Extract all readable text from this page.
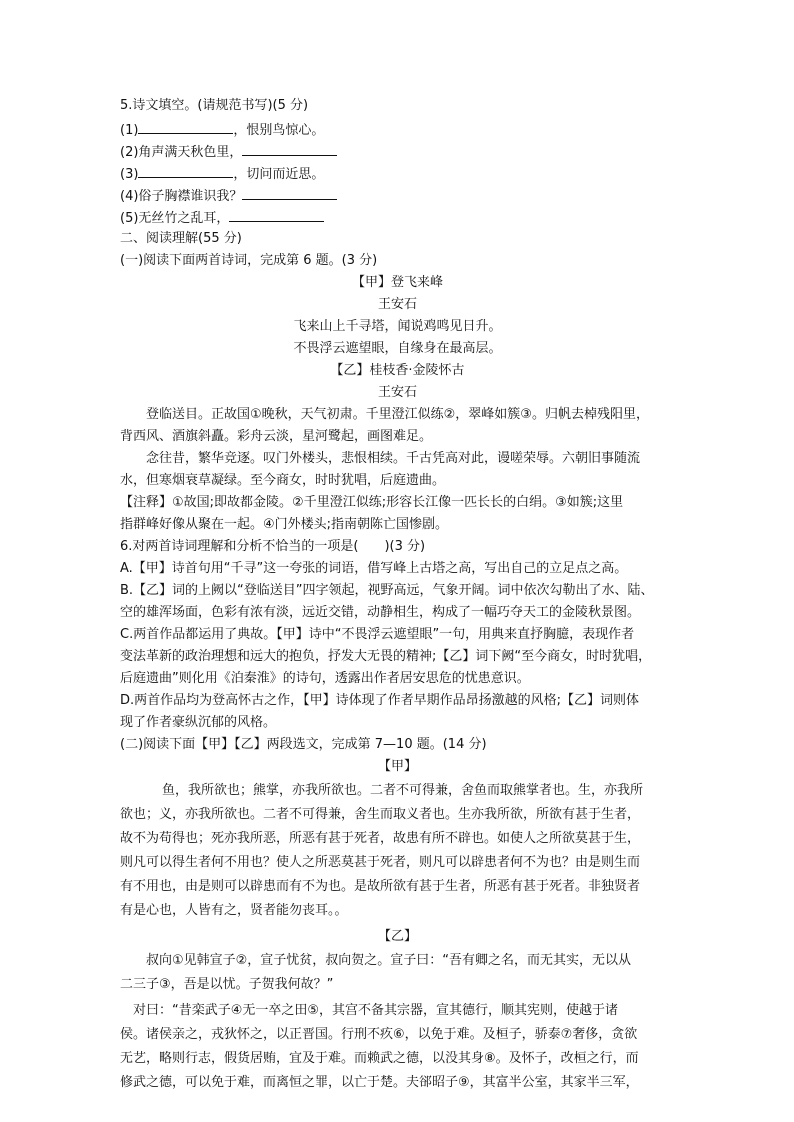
5.诗文填空。(请规范书写)(5 分)
(1)	，恨别鸟惊心。
(2)角声满天秋色里，
(3)	，切问而近思。
(4)俗子胸襟谁识我？
(5)无丝竹之乱耳，
二、阅读理解(55 分)
(一)阅读下面两首诗词，完成第 6 题。(3 分)
【甲】登飞来峰
王安石
飞来山上千寻塔，闻说鸡鸣见日升。
不畏浮云遮望眼，自缘身在最高层。
【乙】桂枝香·金陵怀古
王安石
登临送目。正故国①晚秋，天气初肃。千里澄江似练②，翠峰如簇③。归帆去棹残阳里，
背西风、酒旗斜矗。彩舟云淡，星河鹭起，画图难足。
念往昔，繁华竞逐。叹门外楼头，悲恨相续。千古凭高对此，谩嗟荣辱。六朝旧事随流
水，但寒烟衰草凝绿。至今商女，时时犹唱，后庭遗曲。
【注释】①故国;即故都金陵。②千里澄江似练;形容长江像一匹长长的白绢。③如簇;这里
指群峰好像从聚在一起。④门外楼头;指南朝陈亡国惨剧。
6.对两首诗词理解和分析不恰当的一项是(　　)(3 分)
A.【甲】诗首句用“千寻”这一夸张的词语，借写峰上古塔之高，写出自己的立足点之高。
B.【乙】词的上阙以“登临送目”四字领起，视野高远，气象开阔。词中依次勾勒出了水、陆、
空的雄浑场面，色彩有浓有淡，远近交错，动静相生，构成了一幅巧夺天工的金陵秋景图。
C.两首作品都运用了典故。【甲】诗中“不畏浮云遮望眼”一句，用典来直抒胸臆，表现作者
变法革新的政治理想和远大的抱负，抒发大无畏的精神;【乙】词下阙“至今商女，时时犹唱，
后庭遗曲”则化用《泊秦淮》的诗句，透露出作者居安思危的忧患意识。
D.两首作品均为登高怀古之作，【甲】诗体现了作者早期作品昂扬激越的风格;【乙】词则体
现了作者豪纵沉郁的风格。
(二)阅读下面【甲】【乙】两段选文，完成第 7—10 题。(14 分)
【甲】
鱼，我所欲也；熊掌，亦我所欲也。二者不可得兼，舍鱼而取熊掌者也。生，亦我所
欲也；义，亦我所欲也。二者不可得兼，舍生而取义者也。生亦我所欲，所欲有甚于生者，
故不为苟得也；死亦我所恶，所恶有甚于死者，故患有所不辟也。如使人之所欲莫甚于生，
则凡可以得生者何不用也？使人之所恶莫甚于死者，则凡可以辟患者何不为也？由是则生而
有不用也，由是则可以辟患而有不为也。是故所欲有甚于生者，所恶有甚于死者。非独贤者
有是心也，人皆有之，贤者能勿丧耳。。
【乙】
叔向①见韩宣子②，宣子忧贫，叔向贺之。宣子曰：“吾有卿之名，而无其实，无以从
二三子③，吾是以忧。子贺我何故？”
对曰：“昔栾武子④无一卒之田⑤，其宫不备其宗器，宣其德行，顺其宪则，使越于诸
侯。诸侯亲之，戎狄怀之，以正晋国。行刑不疚⑥，以免于难。及桓子，骄泰⑦奢侈，贪欲
无艺，略则行志，假货居贿，宜及于难。而赖武之德，以没其身⑧。及怀子，改桓之行，而
修武之德，可以免于难，而离恒之罪，以亡于楚。夫郤昭子⑨，其富半公室，其家半三军，
